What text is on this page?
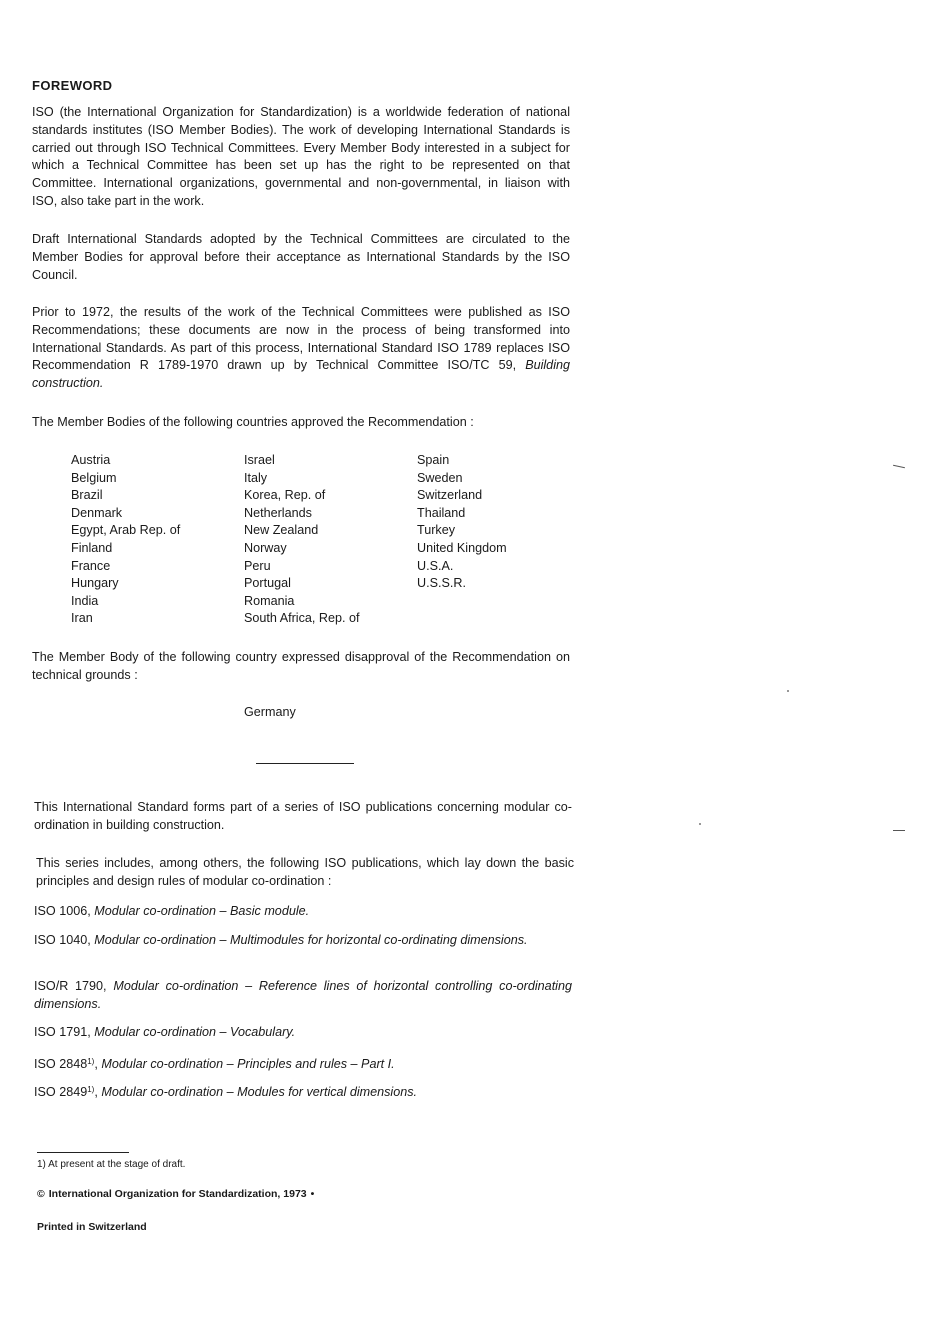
FOREWORD
ISO (the International Organization for Standardization) is a worldwide federation of national standards institutes (ISO Member Bodies). The work of developing International Standards is carried out through ISO Technical Committees. Every Member Body interested in a subject for which a Technical Committee has been set up has the right to be represented on that Committee. International organizations, governmental and non-governmental, in liaison with ISO, also take part in the work.
Draft International Standards adopted by the Technical Committees are circulated to the Member Bodies for approval before their acceptance as International Standards by the ISO Council.
Prior to 1972, the results of the work of the Technical Committees were published as ISO Recommendations; these documents are now in the process of being transformed into International Standards. As part of this process, International Standard ISO 1789 replaces ISO Recommendation R 1789-1970 drawn up by Technical Committee ISO/TC 59, Building construction.
The Member Bodies of the following countries approved the Recommendation :
Austria
Belgium
Brazil
Denmark
Egypt, Arab Rep. of
Finland
France
Hungary
India
Iran
Israel
Italy
Korea, Rep. of
Netherlands
New Zealand
Norway
Peru
Portugal
Romania
South Africa, Rep. of
Spain
Sweden
Switzerland
Thailand
Turkey
United Kingdom
U.S.A.
U.S.S.R.
The Member Body of the following country expressed disapproval of the Recommendation on technical grounds :
Germany
This International Standard forms part of a series of ISO publications concerning modular co-ordination in building construction.
This series includes, among others, the following ISO publications, which lay down the basic principles and design rules of modular co-ordination :
ISO 1006, Modular co-ordination – Basic module.
ISO 1040, Modular co-ordination – Multimodules for horizontal co-ordinating dimensions.
ISO/R 1790, Modular co-ordination – Reference lines of horizontal controlling co-ordinating dimensions.
ISO 1791, Modular co-ordination – Vocabulary.
ISO 2848$^{1)}$, Modular co-ordination – Principles and rules – Part I.
ISO 2849$^{1)}$, Modular co-ordination – Modules for vertical dimensions.
1) At present at the stage of draft.
© International Organization for Standardization, 1973 •
Printed in Switzerland
